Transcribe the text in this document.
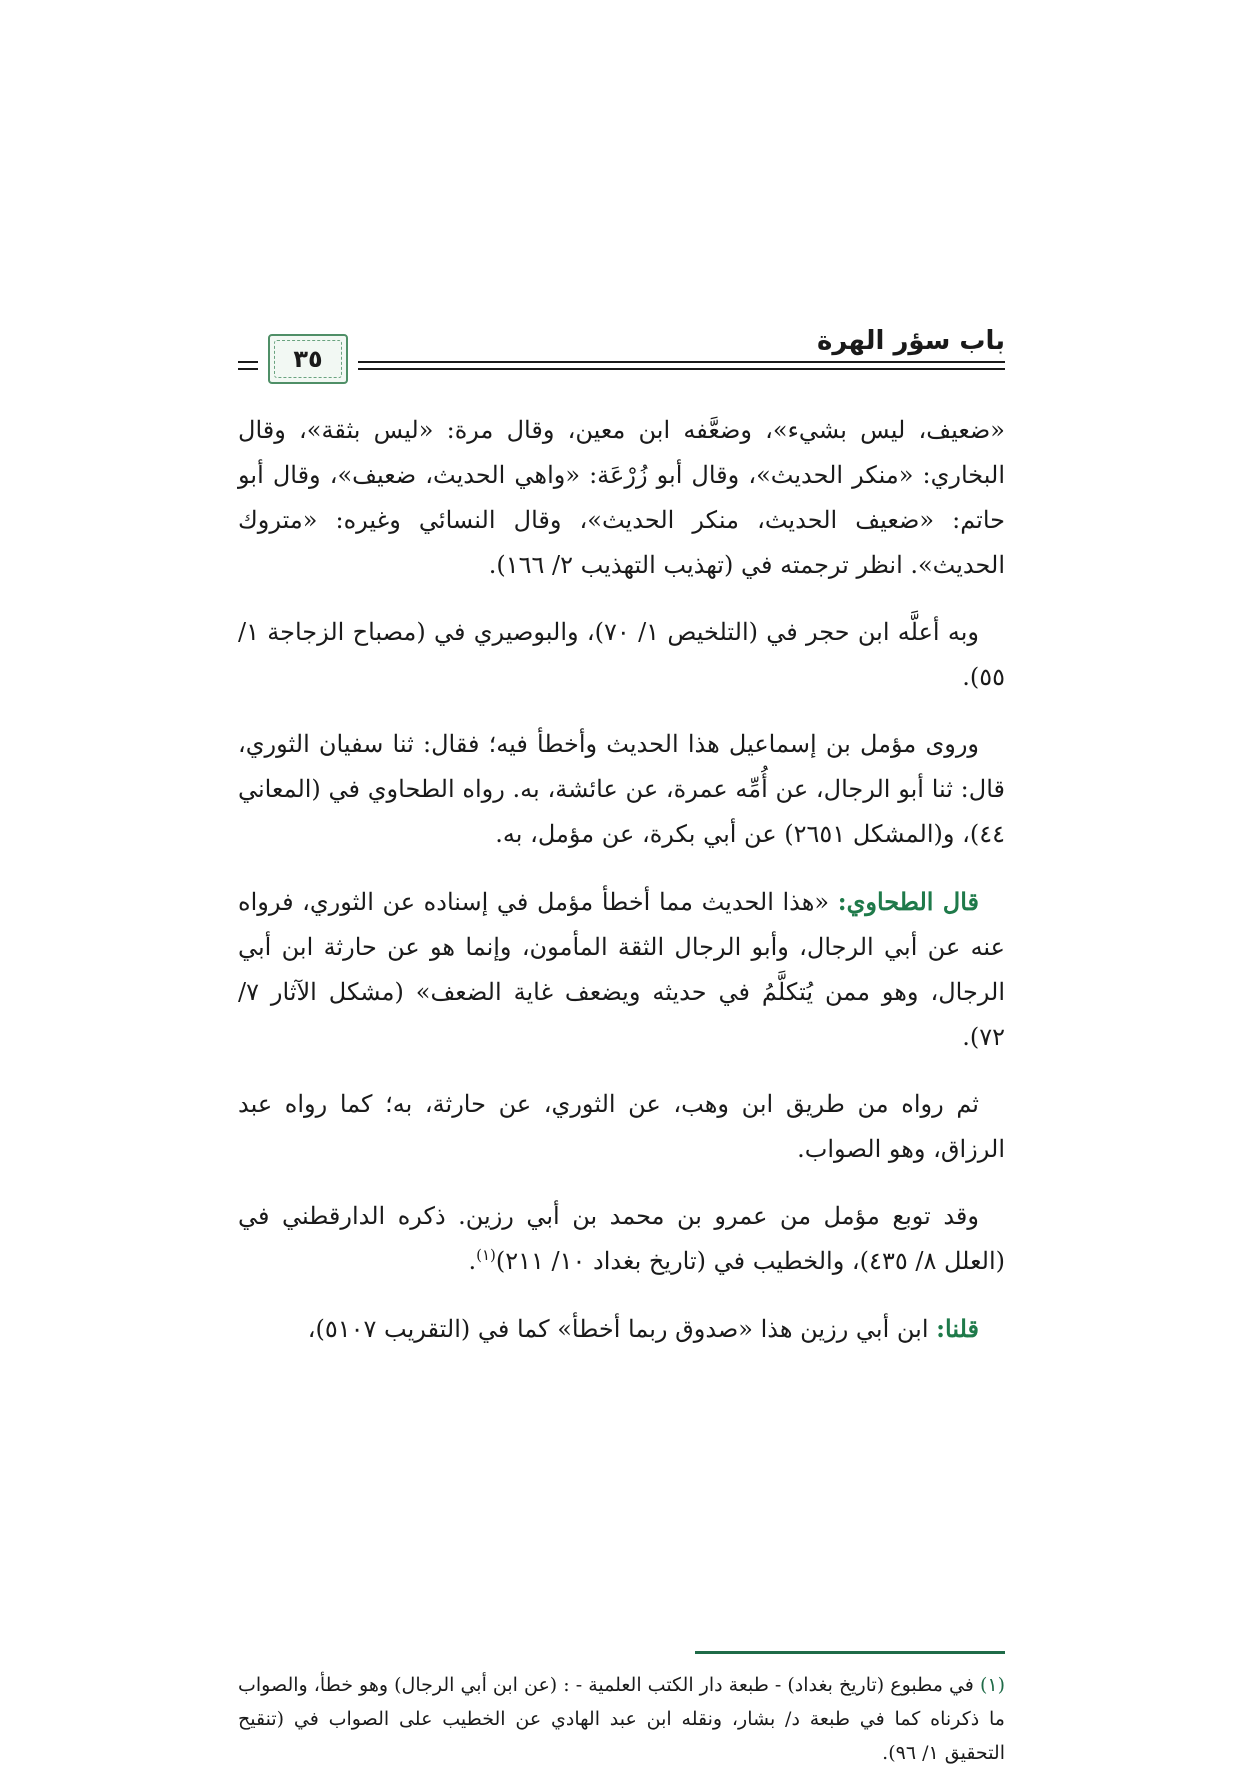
باب سؤر الهرة
٣٥

«ضعيف، ليس بشيء»، وضعَّفه ابن معين، وقال مرة: «ليس بثقة»، وقال البخاري: «منكر الحديث»، وقال أبو زُرْعَة: «واهي الحديث، ضعيف»، وقال أبو حاتم: «ضعيف الحديث، منكر الحديث»، وقال النسائي وغيره: «متروك الحديث». انظر ترجمته في (تهذيب التهذيب ٢/ ١٦٦).

وبه أعلَّه ابن حجر في (التلخيص ١/ ٧٠)، والبوصيري في (مصباح الزجاجة ١/ ٥٥).

وروى مؤمل بن إسماعيل هذا الحديث وأخطأ فيه؛ فقال: ثنا سفيان الثوري، قال: ثنا أبو الرجال، عن أُمِّه عمرة، عن عائشة، به. رواه الطحاوي في (المعاني ٤٤)، و(المشكل ٢٦٥١) عن أبي بكرة، عن مؤمل، به.

قال الطحاوي: «هذا الحديث مما أخطأ مؤمل في إسناده عن الثوري، فرواه عنه عن أبي الرجال، وأبو الرجال الثقة المأمون، وإنما هو عن حارثة ابن أبي الرجال، وهو ممن يُتكلَّمُ في حديثه ويضعف غاية الضعف» (مشكل الآثار ٧/ ٧٢).

ثم رواه من طريق ابن وهب، عن الثوري، عن حارثة، به؛ كما رواه عبد الرزاق، وهو الصواب.

وقد توبع مؤمل من عمرو بن محمد بن أبي رزين. ذكره الدارقطني في (العلل ٨/ ٤٣٥)، والخطيب في (تاريخ بغداد ١٠/ ٢١١)$^{(١)}$.

قلنا: ابن أبي رزين هذا «صدوق ربما أخطأ» كما في (التقريب ٥١٠٧)،

(١) في مطبوع (تاريخ بغداد) - طبعة دار الكتب العلمية - : (عن ابن أبي الرجال) وهو خطأ، والصواب ما ذكرناه كما في طبعة د/ بشار، ونقله ابن عبد الهادي عن الخطيب على الصواب في (تنقيح التحقيق ١/ ٩٦).
